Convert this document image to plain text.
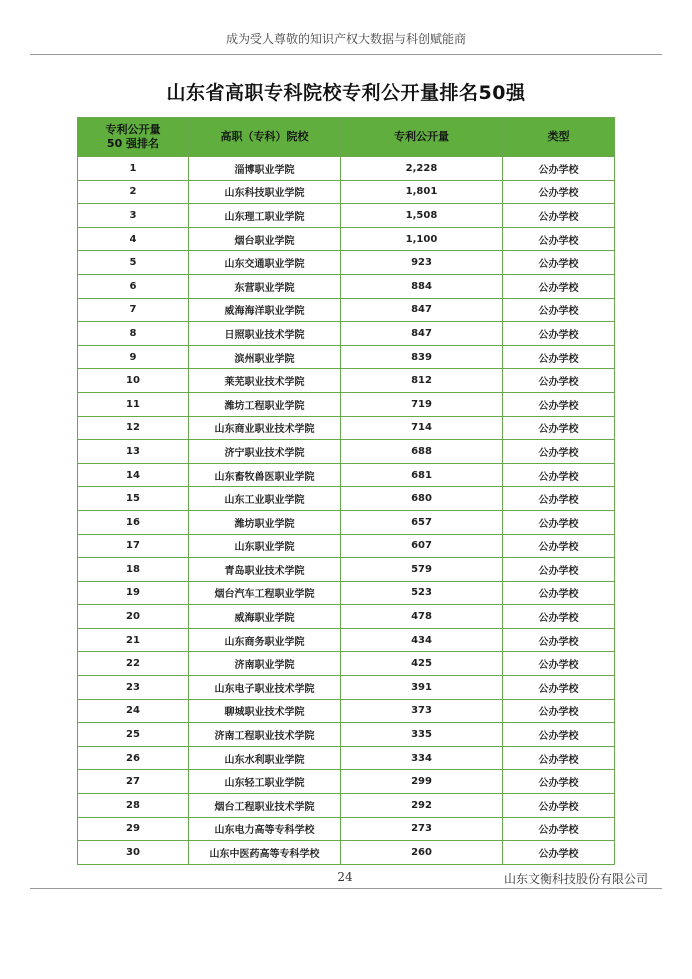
成为受人尊敬的知识产权大数据与科创赋能商
山东省高职专科院校专利公开量排名50强
专利公开量
50 强排名	高职（专科）院校	专利公开量	类型
1	淄博职业学院	2,228	公办学校
2	山东科技职业学院	1,801	公办学校
3	山东理工职业学院	1,508	公办学校
4	烟台职业学院	1,100	公办学校
5	山东交通职业学院	923	公办学校
6	东营职业学院	884	公办学校
7	威海海洋职业学院	847	公办学校
8	日照职业技术学院	847	公办学校
9	滨州职业学院	839	公办学校
10	莱芜职业技术学院	812	公办学校
11	潍坊工程职业学院	719	公办学校
12	山东商业职业技术学院	714	公办学校
13	济宁职业技术学院	688	公办学校
14	山东畜牧兽医职业学院	681	公办学校
15	山东工业职业学院	680	公办学校
16	潍坊职业学院	657	公办学校
17	山东职业学院	607	公办学校
18	青岛职业技术学院	579	公办学校
19	烟台汽车工程职业学院	523	公办学校
20	威海职业学院	478	公办学校
21	山东商务职业学院	434	公办学校
22	济南职业学院	425	公办学校
23	山东电子职业技术学院	391	公办学校
24	聊城职业技术学院	373	公办学校
25	济南工程职业技术学院	335	公办学校
26	山东水利职业学院	334	公办学校
27	山东轻工职业学院	299	公办学校
28	烟台工程职业技术学院	292	公办学校
29	山东电力高等专科学校	273	公办学校
30	山东中医药高等专科学校	260	公办学校
24	山东文衡科技股份有限公司
